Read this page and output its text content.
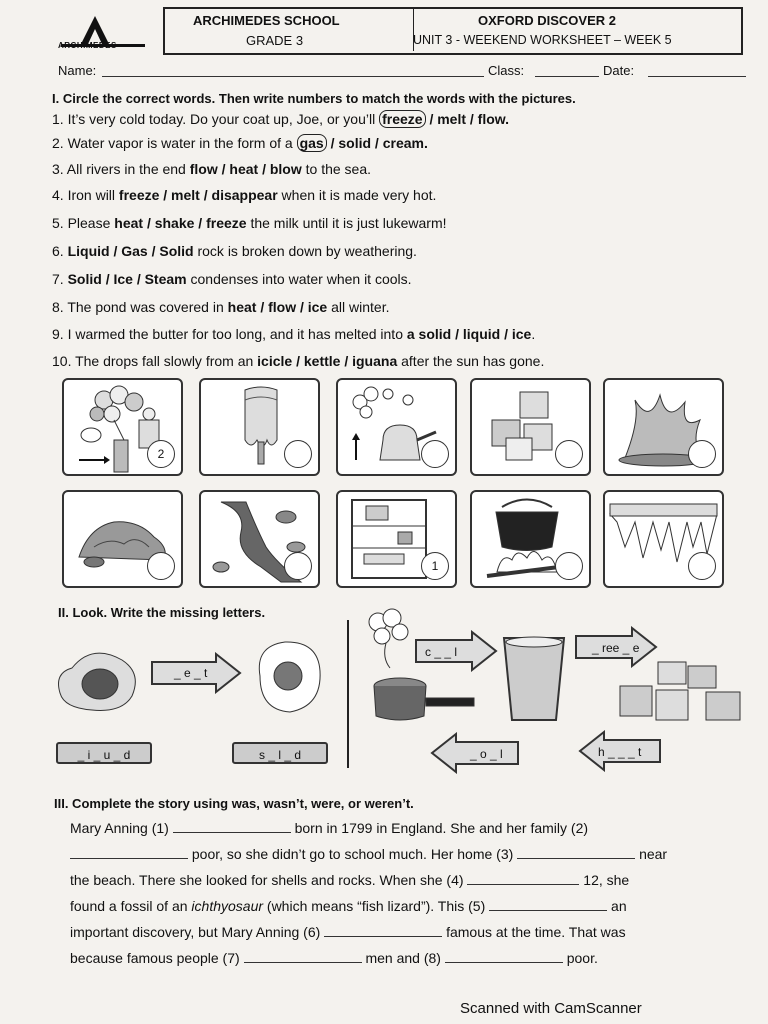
ARCHIMEDES
ARCHIMEDES SCHOOL
GRADE 3
OXFORD DISCOVER 2
UNIT 3 - WEEKEND WORKSHEET – WEEK 5
Name:	Class:	Date:
I. Circle the correct words. Then write numbers to match the words with the pictures.
1. It’s very cold today. Do your coat up, Joe, or you’ll freeze / melt / flow.
2. Water vapor is water in the form of a gas / solid / cream.
3. All rivers in the end flow / heat / blow to the sea.
4. Iron will freeze / melt / disappear when it is made very hot.
5. Please heat / shake / freeze the milk until it is just lukewarm!
6. Liquid / Gas / Solid rock is broken down by weathering.
7. Solid / Ice / Steam condenses into water when it cools.
8. The pond was covered in heat / flow / ice all winter.
9. I warmed the butter for too long, and it has melted into a solid / liquid / ice.
10. The drops fall slowly from an icicle / kettle / iguana after the sun has gone.
2
1
II. Look. Write the missing letters.
_ e _ t
_ i _ u _ d	s _ l _ d
c _ _ l	_ ree _ e
_ o _ l	h _ _ _ t
III. Complete the story using was, wasn’t, were, or weren’t.
Mary Anning (1)	born in 1799 in England. She and her family (2)
poor, so she didn’t go to school much. Her home (3)	near
the beach. There she looked for shells and rocks. When she (4)	12, she
found a fossil of an ichthyosaur (which means “fish lizard”). This (5)	an
important discovery, but Mary Anning (6)	famous at the time. That was
because famous people (7)	men and (8)	poor.
Scanned with CamScanner
